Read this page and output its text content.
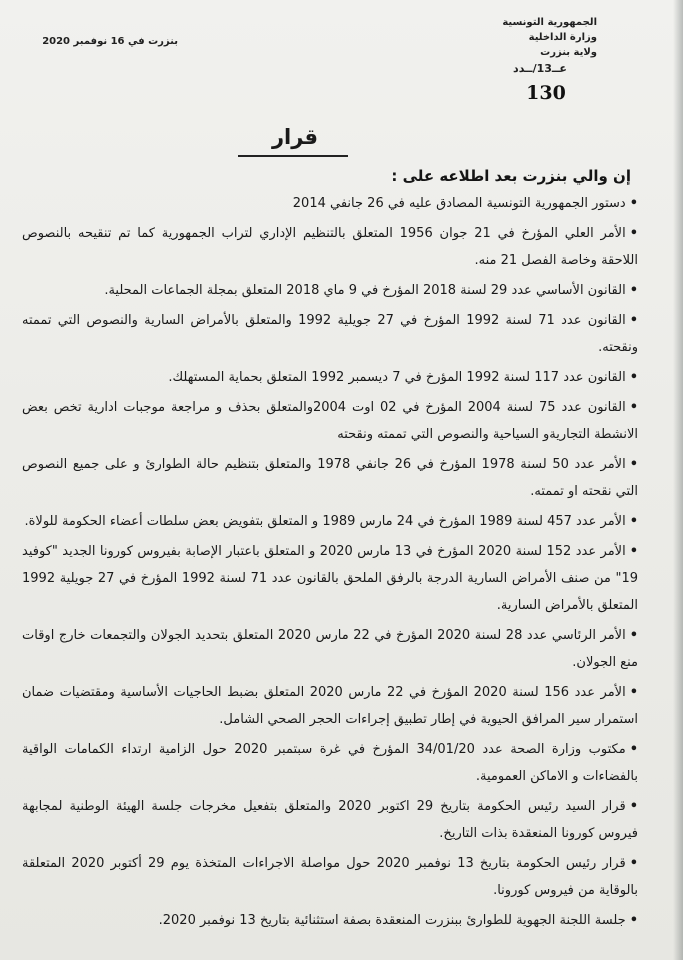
الجمهورية التونسية
وزارة الداخلية
ولاية بنزرت
بنزرت في 16 نوفمبر 2020
عــ13/ــدد
130
قرار
إن والي بنزرت بعد اطلاعه على :

•دستور الجمهورية التونسية المصادق عليه في 26 جانفي 2014

•الأمر العلي المؤرخ في 21 جوان 1956 المتعلق بالتنظيم الإداري لتراب الجمهورية كما تم تنقيحه بالنصوص اللاحقة وخاصة الفصل 21 منه.

•القانون الأساسي عدد 29 لسنة 2018 المؤرخ في 9 ماي 2018 المتعلق بمجلة الجماعات المحلية.

•القانون عدد 71 لسنة 1992 المؤرخ في 27 جويلية 1992 والمتعلق بالأمراض السارية والنصوص التي تممته ونقحته.

•القانون عدد 117 لسنة 1992 المؤرخ في 7 ديسمبر 1992 المتعلق بحماية المستهلك.

•القانون عدد 75 لسنة 2004 المؤرخ في 02 اوت 2004والمتعلق بحذف و مراجعة موجبات ادارية تخص بعض الانشطة التجاريةو السياحية والنصوص التي تممته ونقحته

•الأمر عدد 50 لسنة 1978 المؤرخ في 26 جانفي 1978 والمتعلق بتنظيم حالة الطوارئ و على جميع النصوص التي نقحته او تممته.

•الأمر عدد 457 لسنة 1989 المؤرخ في 24 مارس 1989 و المتعلق بتفويض بعض سلطات أعضاء الحكومة للولاة.

•الأمر عدد 152 لسنة 2020 المؤرخ في 13 مارس 2020 و المتعلق باعتبار الإصابة بفيروس كورونا الجديد "كوفيد 19" من صنف الأمراض السارية الدرجة بالرفق الملحق بالقانون عدد 71 لسنة 1992 المؤرخ في 27 جويلية 1992 المتعلق بالأمراض السارية.

•الأمر الرئاسي عدد 28 لسنة 2020 المؤرخ في 22 مارس 2020 المتعلق بتحديد الجولان والتجمعات خارج اوقات منع الجولان.

•الأمر عدد 156 لسنة 2020 المؤرخ في 22 مارس 2020 المتعلق بضبط الحاجيات الأساسية ومقتضيات ضمان استمرار سير المرافق الحيوية في إطار تطبيق إجراءات الحجر الصحي الشامل.

•مكتوب وزارة الصحة عدد 34/01/20 المؤرخ في غرة سبتمبر 2020 حول الزامية ارتداء الكمامات الواقية بالفضاءات و الاماكن العمومية.

•قرار السيد رئيس الحكومة بتاريخ 29 اكتوبر 2020 والمتعلق بتفعيل مخرجات جلسة الهيئة الوطنية لمجابهة فيروس كورونا المنعقدة بذات التاريخ.

•قرار رئيس الحكومة بتاريخ 13 نوفمبر 2020 حول مواصلة الاجراءات المتخذة يوم 29 أكتوبر 2020 المتعلقة بالوقاية من فيروس كورونا.

•جلسة اللجنة الجهوية للطوارئ ببنزرت المنعقدة بصفة استثنائية بتاريخ 13 نوفمبر 2020.
